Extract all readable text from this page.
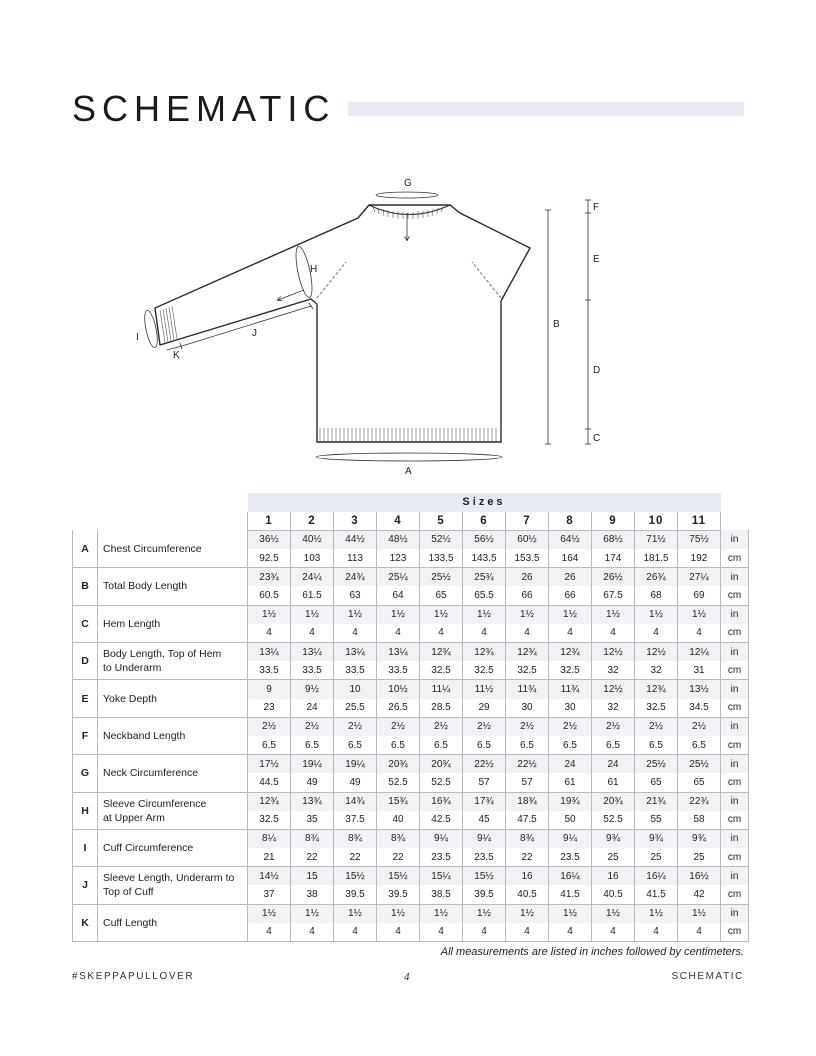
SCHEMATIC
G
H
I	J
K
A
B
F
E
D
C
		Sizes											
		1	2	3	4	5	6	7	8	9	10	11	
A	Chest Circumference	36½	40½	44½	48½	52½	56½	60½	64½	68½	71½	75½	in
		92.5	103	113	123	133.5	143.5	153.5	164	174	181.5	192	cm
B	Total Body Length	23¾	24¼	24¾	25¼	25½	25¾	26	26	26½	26¾	27¼	in
		60.5	61.5	63	64	65	65.5	66	66	67.5	68	69	cm
C	Hem Length	1½	1½	1½	1½	1½	1½	1½	1½	1½	1½	1½	in
		4	4	4	4	4	4	4	4	4	4	4	cm
D	Body Length, Top of Hem
to Underarm	13¼	13¼	13¼	13¼	12¾	12¾	12¾	12¾	12½	12½	12¼	in
		33.5	33.5	33.5	33.5	32.5	32.5	32.5	32.5	32	32	31	cm
E	Yoke Depth	9	9½	10	10½	11¼	11½	11¾	11¾	12½	12¾	13½	in
		23	24	25.5	26.5	28.5	29	30	30	32	32.5	34.5	cm
F	Neckband Length	2½	2½	2½	2½	2½	2½	2½	2½	2½	2½	2½	in
		6.5	6.5	6.5	6.5	6.5	6.5	6.5	6.5	6.5	6.5	6.5	cm
G	Neck Circumference	17½	19¼	19¼	20¾	20¾	22½	22½	24	24	25½	25½	in
		44.5	49	49	52.5	52.5	57	57	61	61	65	65	cm
H	Sleeve Circumference
at Upper Arm	12¾	13¾	14¾	15¾	16¾	17¾	18¾	19¾	20¾	21¾	22¾	in
		32.5	35	37.5	40	42.5	45	47.5	50	52.5	55	58	cm
I	Cuff Circumference	8¼	8¾	8¾	8¾	9¼	9¼	8¾	9¼	9¾	9¾	9¾	in
		21	22	22	22	23.5	23.5	22	23.5	25	25	25	cm
J	Sleeve Length, Underarm to
Top of Cuff	14½	15	15½	15½	15¼	15½	16	16¼	16	16¼	16½	in
		37	38	39.5	39.5	38.5	39.5	40.5	41.5	40.5	41.5	42	cm
K	Cuff Length	1½	1½	1½	1½	1½	1½	1½	1½	1½	1½	1½	in
		4	4	4	4	4	4	4	4	4	4	4	cm
All measurements are listed in inches followed by centimeters.
#SKEPPAPULLOVER	4	SCHEMATIC
